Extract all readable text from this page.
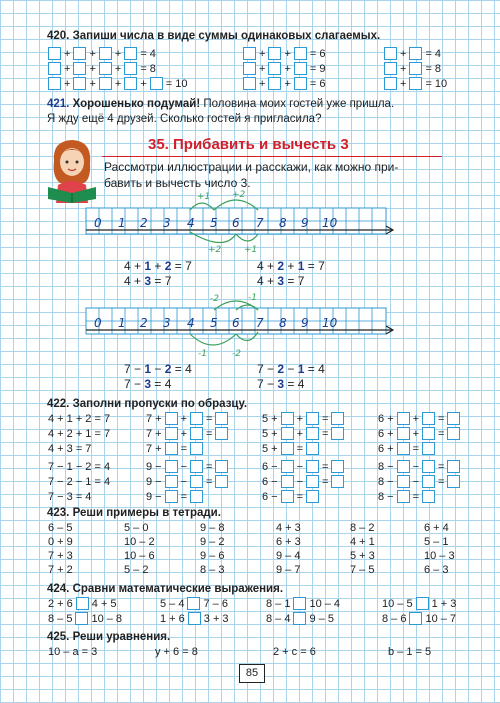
420. Запиши числа в виде суммы одинаковых слагаемых.
+ + + = 4
+ + + = 8
+ + + + = 10
+ + = 6
+ + = 9
+ + = 6
+ = 4
+ = 8
+ = 10
421. Хорошенько подумай! Половина моих гостей уже пришла.
Я жду ещё 4 друзей. Сколько гостей я пригласила?
35. Прибавить и вычесть 3
Рассмотри иллюстрации и расскажи, как можно при-
бавить и вычесть число 3.
0 1 2 3 4 5 6 7 8 9 10
+1 +2
+2	+1
4 + 1 + 2 = 7	4 + 2 + 1 = 7
4 + 3 = 7	4 + 3 = 7
0 1 2 3 4 5 6 7 8 9 10
-2	-1
-1	-2
7 − 1 − 2 = 4	7 − 2 − 1 = 4
7 − 3 = 4	7 − 3 = 4
422. Заполни пропуски по образцу.
4 + 1 + 2 = 7
4 + 2 + 1 = 7
4 + 3 = 7
7 − 1 − 2 = 4
7 − 2 − 1 = 4
7 − 3 = 4
7 + + =
7 + + =
7 + =
5 + + =
5 + + =
5 + =
6 + + =
6 + + =
6 + =
9 − − =
9 − − =
9 − =
6 − − =
6 − − =
6 − =
8 − − =
8 − − =
8 − =
423. Реши примеры в тетради.
6 – 5	5 – 0	9 – 8	4 + 3	8 – 2	6 + 4
0 + 9	10 – 2	9 – 2	6 + 3	4 + 1	5 – 1
7 + 3	10 – 6	9 – 6	9 – 4	5 + 3	10 – 3
7 + 2	5 – 2	8 – 3	9 – 7	7 – 5	6 – 3
424. Сравни математические выражения.
2 + 6 4 + 5	5 – 4 7 – 6	8 – 1 10 – 4	10 – 5 1 + 3
8 – 5 10 – 8	1 + 6 3 + 3	8 – 4 9 – 5	8 – 6 10 – 7
425. Реши уравнения.
10 – a = 3	y + 6 = 8	2 + c = 6	b – 1 = 5
85
